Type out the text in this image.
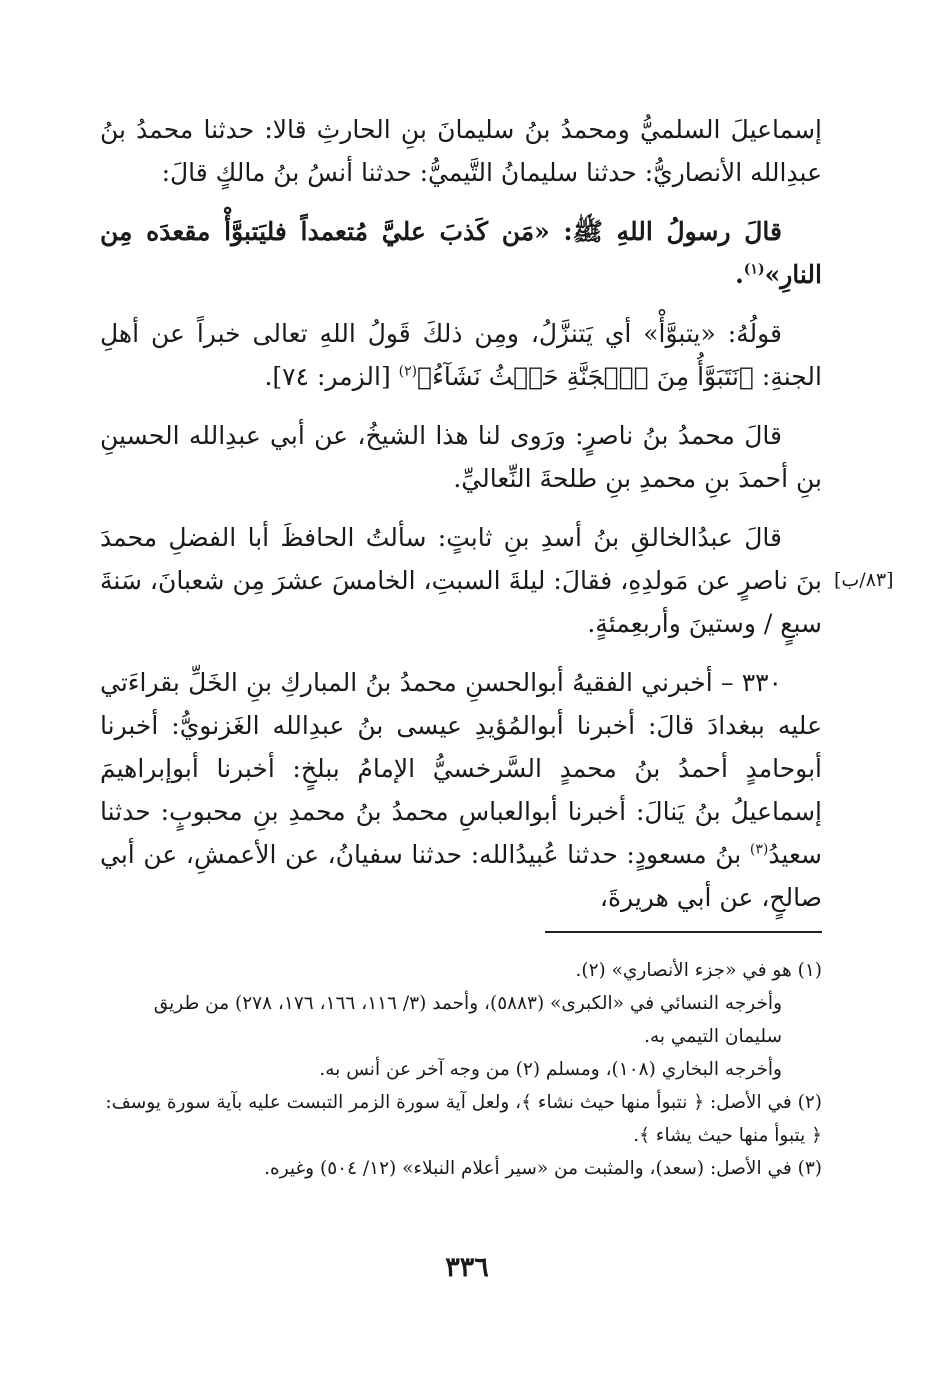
إسماعيلَ السلميُّ ومحمدُ بنُ سليمانَ بنِ الحارثِ قالا: حدثنا محمدُ بنُ عبدِالله الأنصاريُّ: حدثنا سليمانُ التَّيميُّ: حدثنا أنسُ بنُ مالكٍ قالَ:

قالَ رسولُ اللهِ ﷺ: «مَن كَذبَ عليَّ مُتعمداً فليَتبوَّأْ مقعدَه مِن النارِ»$^{(١)}$.

قولُهُ: «يتبوَّأْ» أي يَتنزَّلُ، ومِن ذلكَ قَولُ اللهِ تعالى خبراً عن أهلِ الجنةِ: ﴿نَتَبَوَّأُ مِنَ ٱلۡجَنَّةِ حَيۡثُ نَشَآءُ﴾$^{(٢)}$ [الزمر: ٧٤].

قالَ محمدُ بنُ ناصرٍ: ورَوى لنا هذا الشيخُ، عن أبي عبدِالله الحسينِ بنِ أحمدَ بنِ محمدِ بنِ طلحةَ النِّعاليِّ.

قالَ عبدُالخالقِ بنُ أسدِ بنِ ثابتٍ: سألتُ الحافظَ أبا الفضلِ محمدَ بنَ ناصرٍ عن مَولدِهِ، فقالَ: ليلةَ السبتِ، الخامسَ عشرَ مِن شعبانَ، سَنةَ سبعٍ / وستينَ وأربعِمئةٍ.

٣٣٠ – أخبرني الفقيهُ أبوالحسنِ محمدُ بنُ المباركِ بنِ الخَلِّ بقراءَتي عليه ببغدادَ قالَ: أخبرنا أبوالمُؤيدِ عيسى بنُ عبدِالله الغَزنويُّ: أخبرنا أبوحامدٍ أحمدُ بنُ محمدٍ السَّرخسيُّ الإمامُ ببلخٍ: أخبرنا أبوإبراهيمَ إسماعيلُ بنُ يَنالَ: أخبرنا أبوالعباسِ محمدُ بنُ محمدِ بنِ محبوبٍ: حدثنا سعيدُ$^{(٣)}$ بنُ مسعودٍ: حدثنا عُبيدُالله: حدثنا سفيانُ، عن الأعمشِ، عن أبي صالحٍ، عن أبي هريرةَ،

[٨٣/ب]
(١) هو في «جزء الأنصاري» (٢).
وأخرجه النسائي في «الكبرى» (٥٨٨٣)، وأحمد (٣/ ١١٦، ١٦٦، ١٧٦، ٢٧٨) من طريق سليمان التيمي به.
وأخرجه البخاري (١٠٨)، ومسلم (٢) من وجه آخر عن أنس به.
(٢) في الأصل: ﴿ نتبوأ منها حيث نشاء ﴾، ولعل آية سورة الزمر التبست عليه بآية سورة يوسف: ﴿ يتبوأ منها حيث يشاء ﴾.
(٣) في الأصل: (سعد)، والمثبت من «سير أعلام النبلاء» (١٢/ ٥٠٤) وغيره.
٣٣٦
